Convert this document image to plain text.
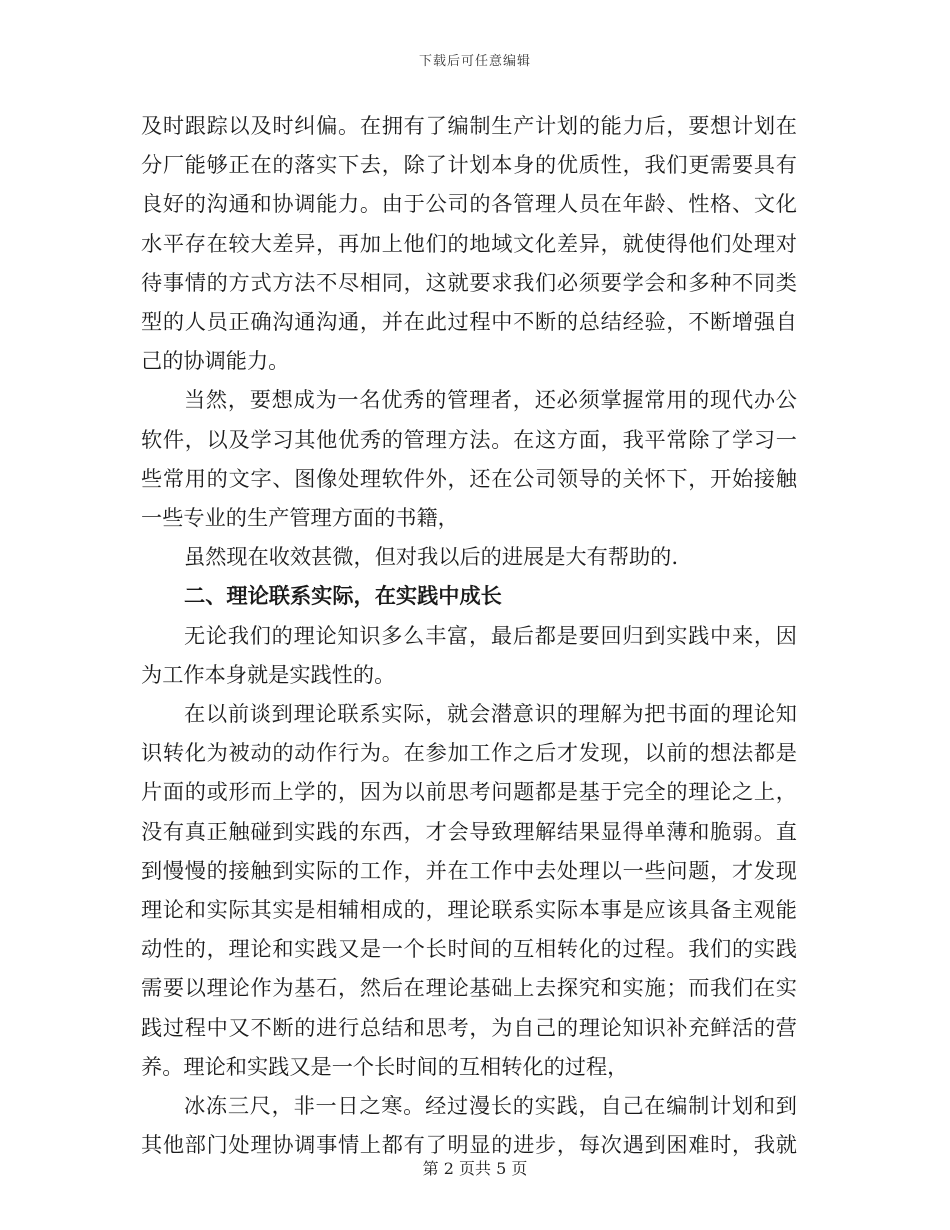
下载后可任意编辑
及时跟踪以及时纠偏。在拥有了编制生产计划的能力后，要想计划在
分厂能够正在的落实下去，除了计划本身的优质性，我们更需要具有
良好的沟通和协调能力。由于公司的各管理人员在年龄、性格、文化
水平存在较大差异，再加上他们的地域文化差异，就使得他们处理对
待事情的方式方法不尽相同，这就要求我们必须要学会和多种不同类
型的人员正确沟通沟通，并在此过程中不断的总结经验，不断增强自
己的协调能力。
当然，要想成为一名优秀的管理者，还必须掌握常用的现代办公
软件，以及学习其他优秀的管理方法。在这方面，我平常除了学习一
些常用的文字、图像处理软件外，还在公司领导的关怀下，开始接触
一些专业的生产管理方面的书籍，
虽然现在收效甚微，但对我以后的进展是大有帮助的.
二、理论联系实际，在实践中成长
无论我们的理论知识多么丰富，最后都是要回归到实践中来，因
为工作本身就是实践性的。
在以前谈到理论联系实际，就会潜意识的理解为把书面的理论知
识转化为被动的动作行为。在参加工作之后才发现，以前的想法都是
片面的或形而上学的，因为以前思考问题都是基于完全的理论之上，
没有真正触碰到实践的东西，才会导致理解结果显得单薄和脆弱。直
到慢慢的接触到实际的工作，并在工作中去处理以一些问题，才发现
理论和实际其实是相辅相成的，理论联系实际本事是应该具备主观能
动性的，理论和实践又是一个长时间的互相转化的过程。我们的实践
需要以理论作为基石，然后在理论基础上去探究和实施；而我们在实
践过程中又不断的进行总结和思考，为自己的理论知识补充鲜活的营
养。理论和实践又是一个长时间的互相转化的过程，
冰冻三尺，非一日之寒。经过漫长的实践，自己在编制计划和到
其他部门处理协调事情上都有了明显的进步，每次遇到困难时，我就
第 2 页共 5 页
